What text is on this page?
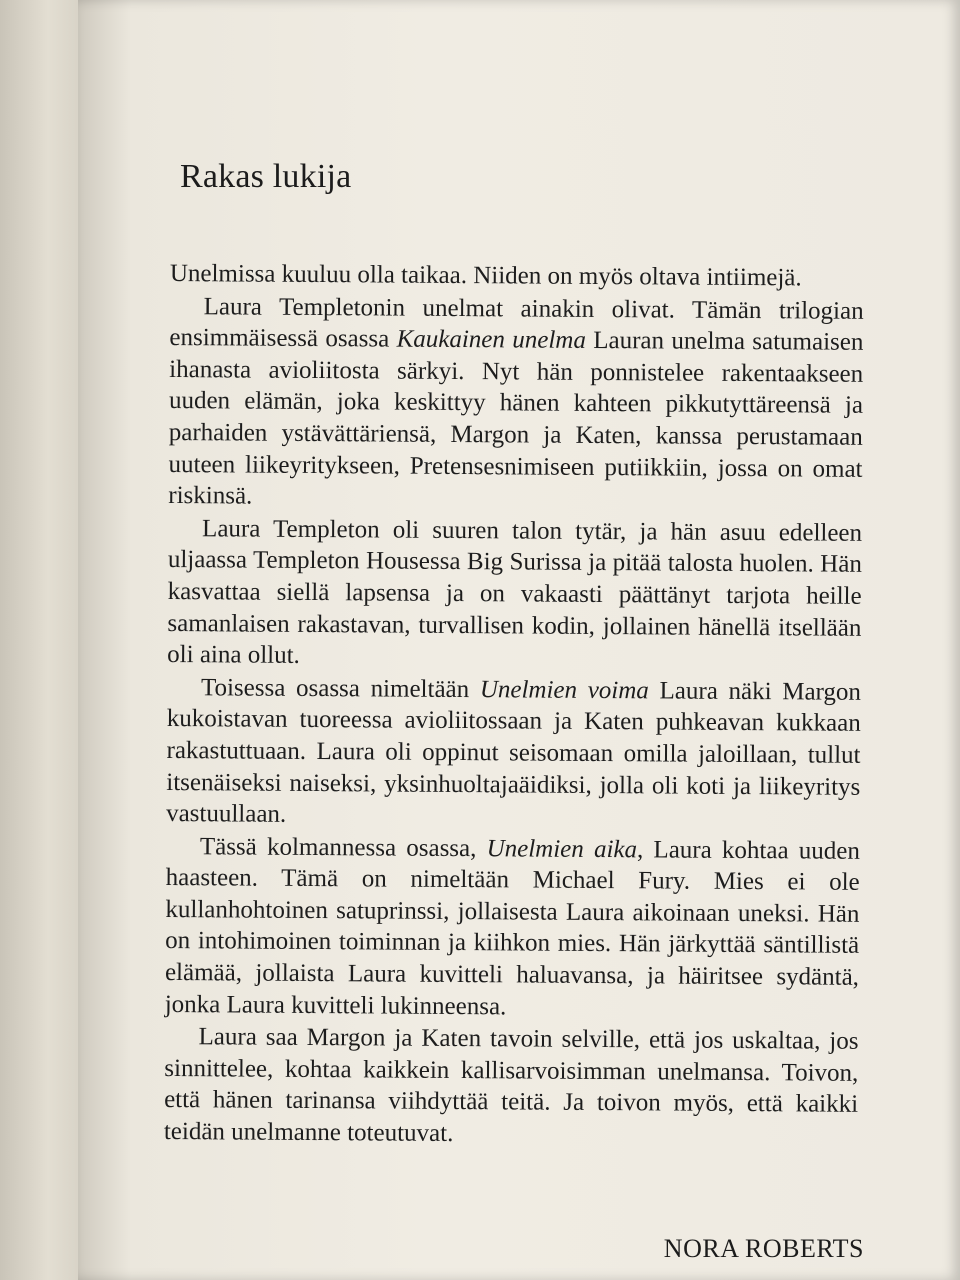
Rakas lukija

Unelmissa kuuluu olla taikaa. Niiden on myös oltava intiimejä.

Laura Templetonin unelmat ainakin olivat. Tämän trilogian ensimmäisessä osassa Kaukainen unelma Lauran unelma satumaisen ihanasta avioliitosta särkyi. Nyt hän ponnistelee rakentaakseen uuden elämän, joka keskittyy hänen kahteen pikkutyttäreensä ja parhaiden ystävättäriensä, Margon ja Katen, kanssa perustamaan uuteen liikeyritykseen, Pretensesnimiseen putiikkiin, jossa on omat riskinsä.

Laura Templeton oli suuren talon tytär, ja hän asuu edelleen uljaassa Templeton Housessa Big Surissa ja pitää talosta huolen. Hän kasvattaa siellä lapsensa ja on vakaasti päättänyt tarjota heille samanlaisen rakastavan, turvallisen kodin, jollainen hänellä itsellään oli aina ollut.

Toisessa osassa nimeltään Unelmien voima Laura näki Margon kukoistavan tuoreessa avioliitossaan ja Katen puhkeavan kukkaan rakastuttuaan. Laura oli oppinut seisomaan omilla jaloillaan, tullut itsenäiseksi naiseksi, yksinhuoltajaäidiksi, jolla oli koti ja liikeyritys vastuullaan.

Tässä kolmannessa osassa, Unelmien aika, Laura kohtaa uuden haasteen. Tämä on nimeltään Michael Fury. Mies ei ole kullanhohtoinen satuprinssi, jollaisesta Laura aikoinaan uneksi. Hän on intohimoinen toiminnan ja kiihkon mies. Hän järkyttää säntillistä elämää, jollaista Laura kuvitteli haluavansa, ja häiritsee sydäntä, jonka Laura kuvitteli lukinneensa.

Laura saa Margon ja Katen tavoin selville, että jos uskaltaa, jos sinnittelee, kohtaa kaikkein kallisarvoisimman unelmansa. Toivon, että hänen tarinansa viihdyttää teitä. Ja toivon myös, että kaikki teidän unelmanne toteutuvat.

NORA ROBERTS
